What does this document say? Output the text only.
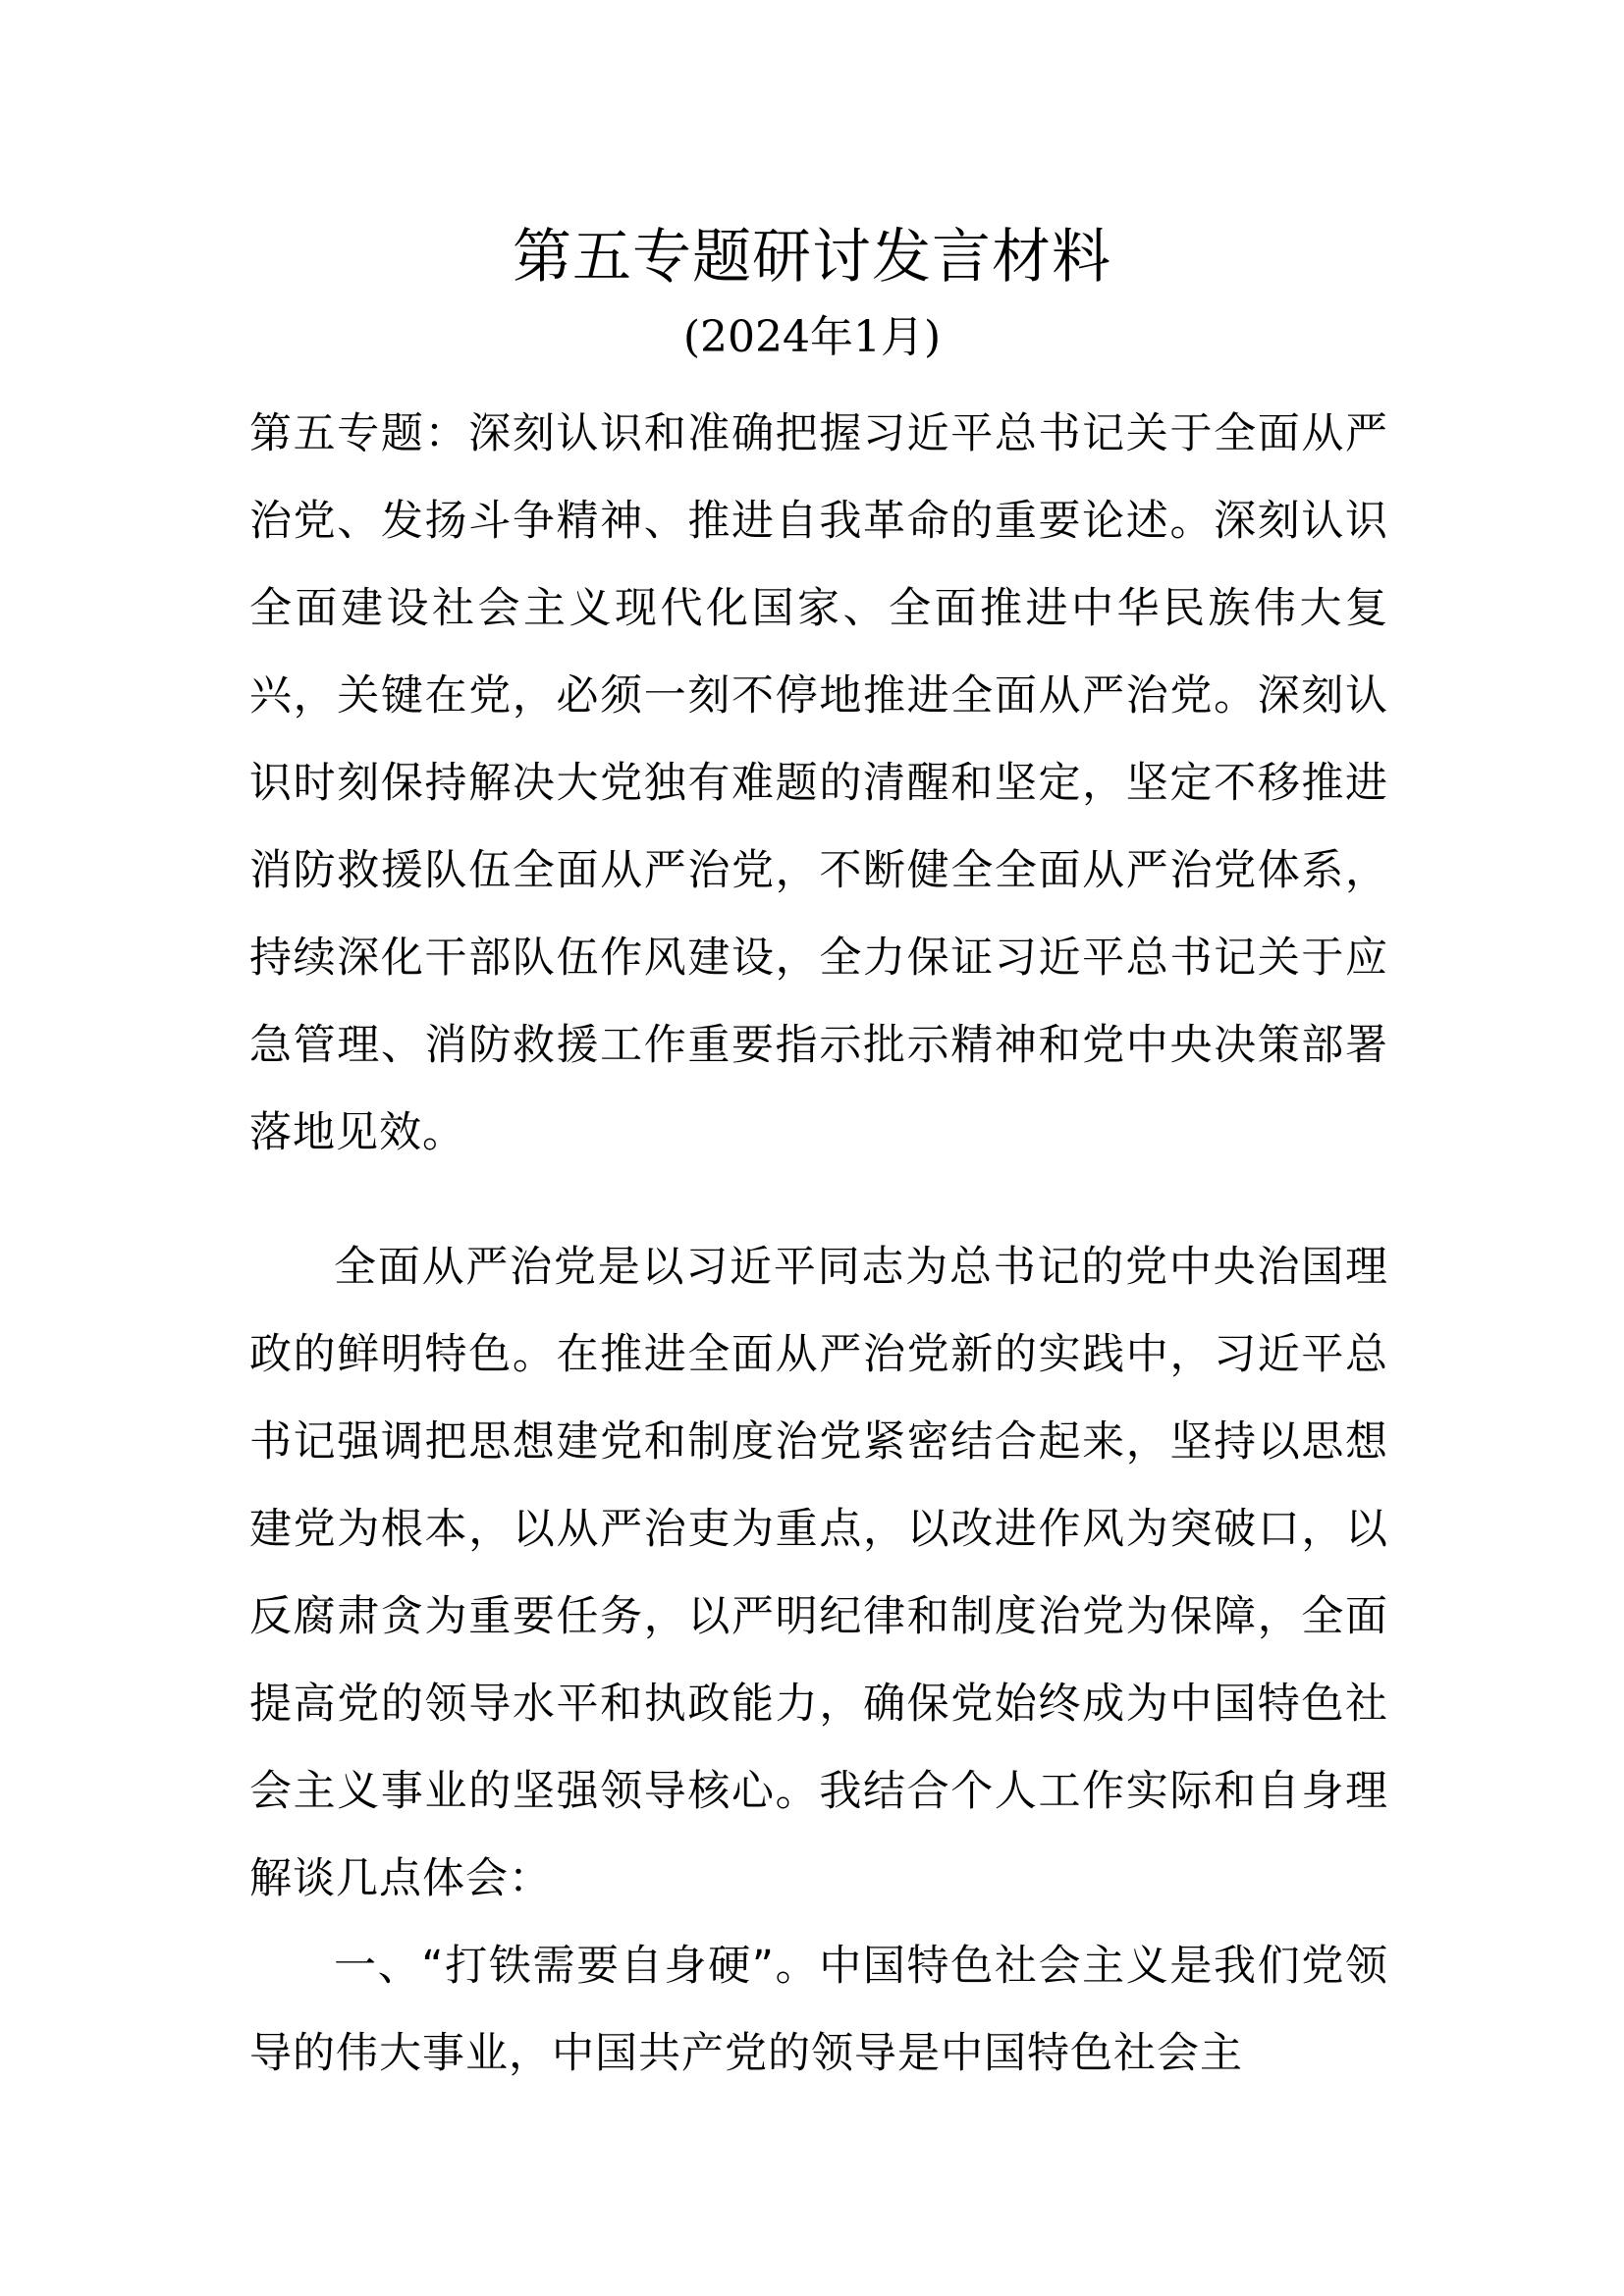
第五专题研讨发言材料
(2024年1月)

第五专题：深刻认识和准确把握习近平总书记关于全面从严治党、发扬斗争精神、推进自我革命的重要论述。深刻认识全面建设社会主义现代化国家、全面推进中华民族伟大复兴，关键在党，必须一刻不停地推进全面从严治党。深刻认识时刻保持解决大党独有难题的清醒和坚定，坚定不移推进消防救援队伍全面从严治党，不断健全全面从严治党体系，持续深化干部队伍作风建设，全力保证习近平总书记关于应急管理、消防救援工作重要指示批示精神和党中央决策部署落地见效。

全面从严治党是以习近平同志为总书记的党中央治国理政的鲜明特色。在推进全面从严治党新的实践中，习近平总书记强调把思想建党和制度治党紧密结合起来，坚持以思想建党为根本，以从严治吏为重点，以改进作风为突破口，以反腐肃贪为重要任务，以严明纪律和制度治党为保障，全面提高党的领导水平和执政能力，确保党始终成为中国特色社会主义事业的坚强领导核心。我结合个人工作实际和自身理解谈几点体会：

一、“打铁需要自身硬”。中国特色社会主义是我们党领导的伟大事业，中国共产党的领导是中国特色社会主
